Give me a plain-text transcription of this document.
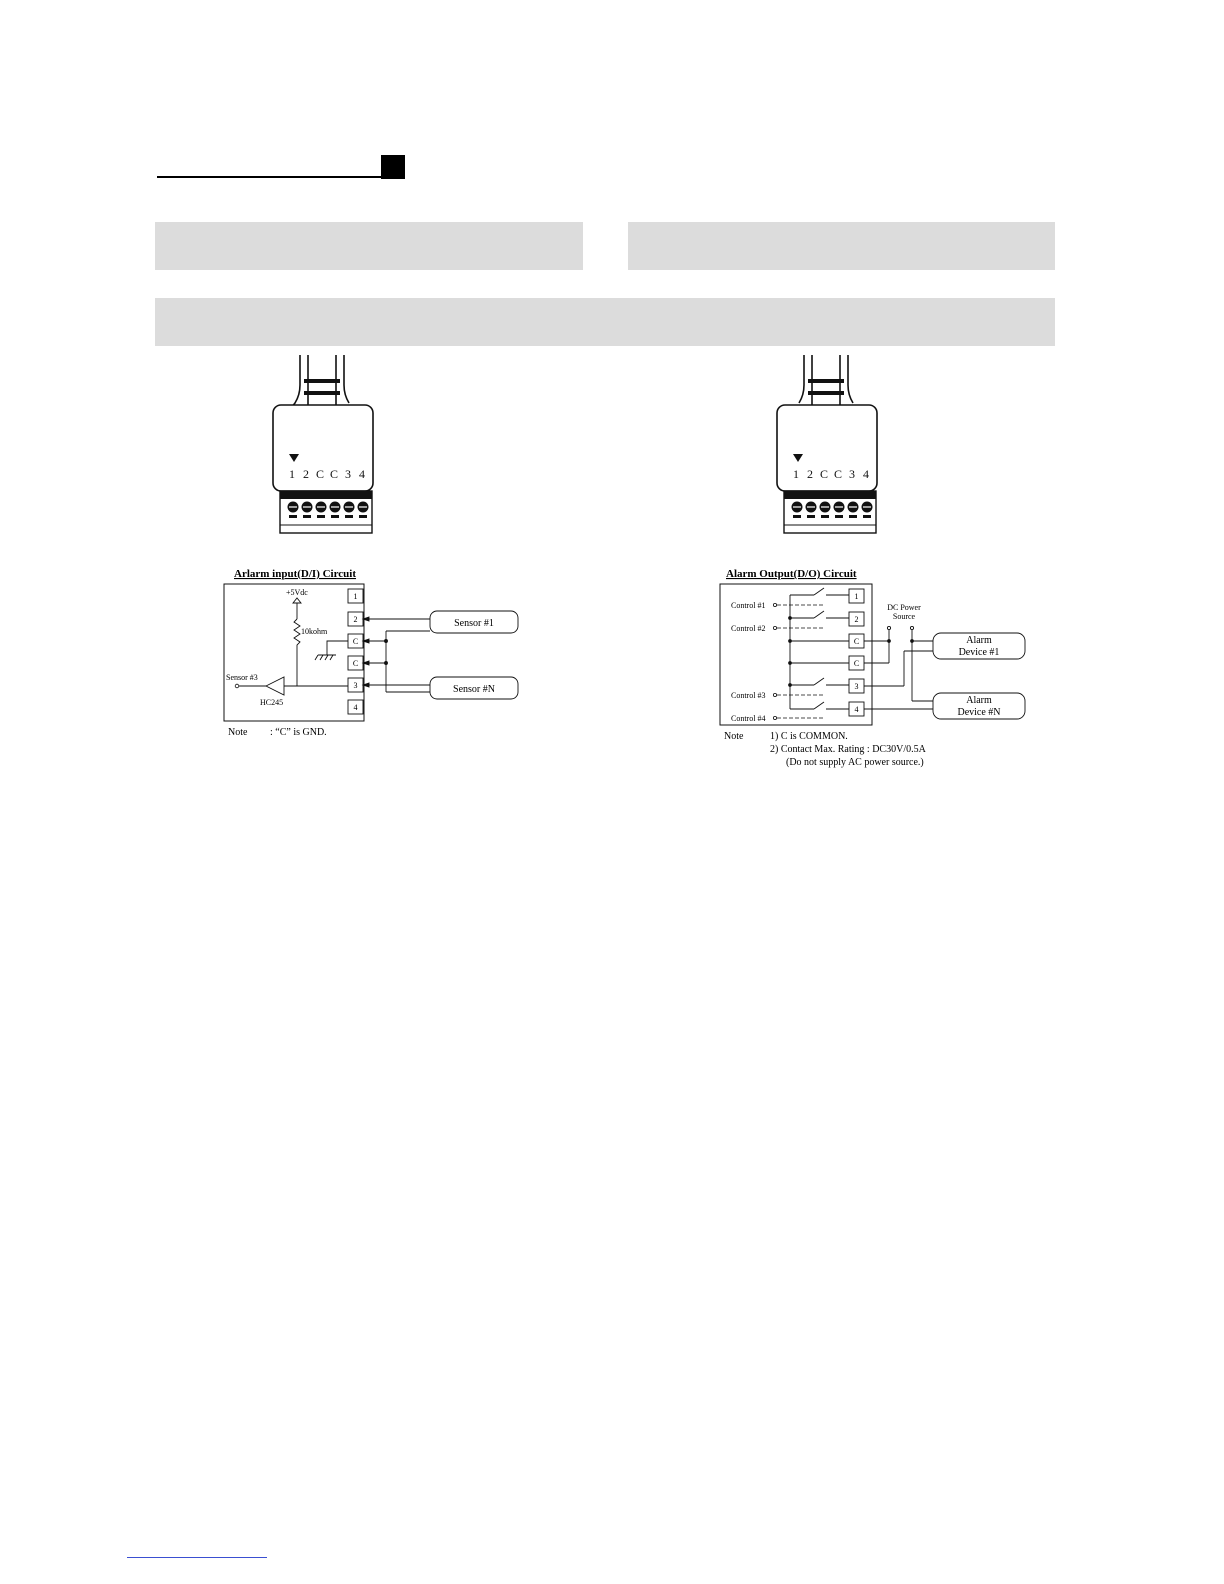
1 2 C C 3 4
Arlarm input(D/I) Circuit
+5Vdc
10kohm
Sensor #3
HC245
1
2
C
C
3
4
Sensor #1
Sensor #N
Note : “C” is GND.
1 2 C C 3 4
Alarm Output(D/O) Circuit
Control #1
Control #2
Control #3
Control #4
1
2
C
C
3
4
DC Power
Source
Alarm
Device #1
Alarm
Device #N
Note	1) C is COMMON.
2) Contact Max. Rating : DC30V/0.5A
(Do not supply AC power source.)
